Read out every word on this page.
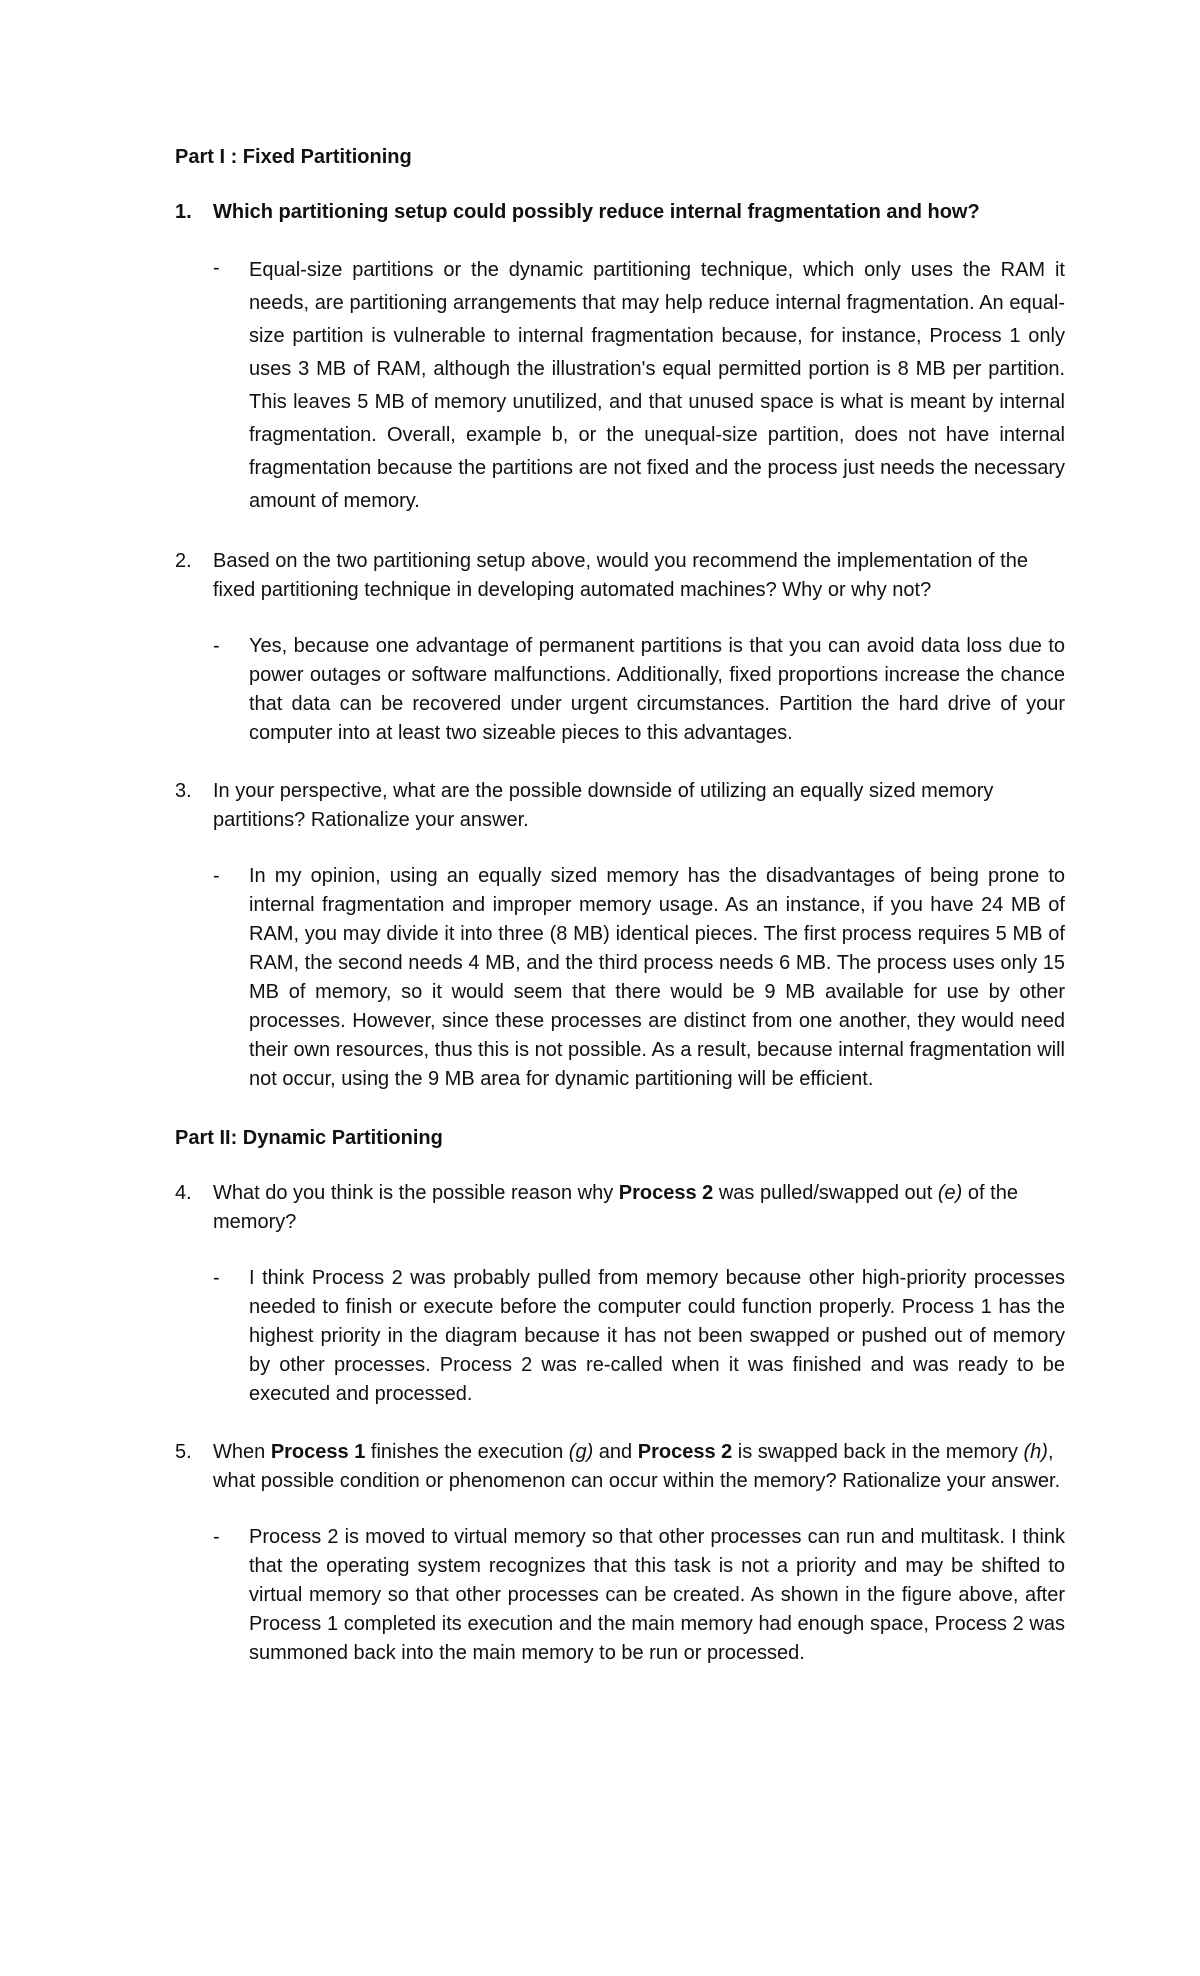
Part I : Fixed Partitioning
1.	Which partitioning setup could possibly reduce internal fragmentation and how?
-	Equal-size partitions or the dynamic partitioning technique, which only uses the RAM it needs, are partitioning arrangements that may help reduce internal fragmentation. An equal-size partition is vulnerable to internal fragmentation because, for instance, Process 1 only uses 3 MB of RAM, although the illustration's equal permitted portion is 8 MB per partition. This leaves 5 MB of memory unutilized, and that unused space is what is meant by internal fragmentation. Overall, example b, or the unequal-size partition, does not have internal fragmentation because the partitions are not fixed and the process just needs the necessary amount of memory.
2.	Based on the two partitioning setup above, would you recommend the implementation of the fixed partitioning technique in developing automated machines? Why or why not?
-	Yes, because one advantage of permanent partitions is that you can avoid data loss due to power outages or software malfunctions. Additionally, fixed proportions increase the chance that data can be recovered under urgent circumstances. Partition the hard drive of your computer into at least two sizeable pieces to this advantages.
3.	In your perspective, what are the possible downside of utilizing an equally sized memory partitions? Rationalize your answer.
-	In my opinion, using an equally sized memory has the disadvantages of being prone to internal fragmentation and improper memory usage. As an instance, if you have 24 MB of RAM, you may divide it into three (8 MB) identical pieces. The first process requires 5 MB of RAM, the second needs 4 MB, and the third process needs 6 MB. The process uses only 15 MB of memory, so it would seem that there would be 9 MB available for use by other processes. However, since these processes are distinct from one another, they would need their own resources, thus this is not possible. As a result, because internal fragmentation will not occur, using the 9 MB area for dynamic partitioning will be efficient.
Part II: Dynamic Partitioning
4.	What do you think is the possible reason why Process 2 was pulled/swapped out (e) of the memory?
-	I think Process 2 was probably pulled from memory because other high-priority processes needed to finish or execute before the computer could function properly. Process 1 has the highest priority in the diagram because it has not been swapped or pushed out of memory by other processes. Process 2 was re-called when it was finished and was ready to be executed and processed.
5.	When Process 1 finishes the execution (g) and Process 2 is swapped back in the memory (h), what possible condition or phenomenon can occur within the memory? Rationalize your answer.
-	Process 2 is moved to virtual memory so that other processes can run and multitask. I think that the operating system recognizes that this task is not a priority and may be shifted to virtual memory so that other processes can be created. As shown in the figure above, after Process 1 completed its execution and the main memory had enough space, Process 2 was summoned back into the main memory to be run or processed.
